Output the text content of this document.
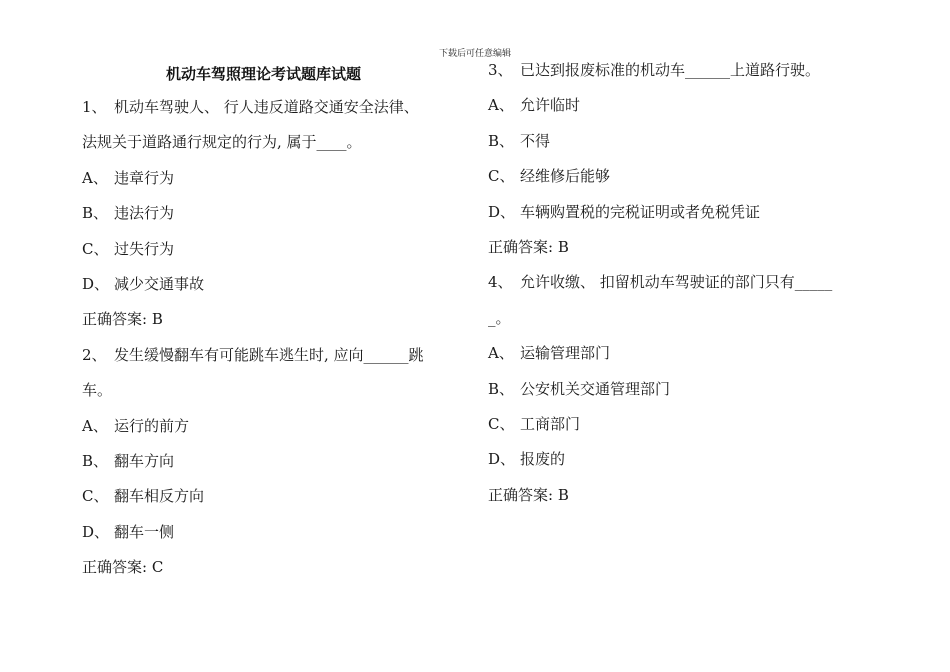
下载后可任意编辑
机动车驾照理论考试题库试题
1、 机动车驾驶人、 行人违反道路交通安全法律、
法规关于道路通行规定的行为, 属于____。
A、 违章行为
B、 违法行为
C、 过失行为
D、 减少交通事故
正确答案: B
2、 发生缓慢翻车有可能跳车逃生时, 应向______跳
车。
A、 运行的前方
B、 翻车方向
C、 翻车相反方向
D、 翻车一侧
正确答案: C
3、 已达到报废标准的机动车______上道路行驶。
A、 允许临时
B、 不得
C、 经维修后能够
D、 车辆购置税的完税证明或者免税凭证
正确答案: B
4、 允许收缴、 扣留机动车驾驶证的部门只有_____
_。
A、 运输管理部门
B、 公安机关交通管理部门
C、 工商部门
D、 报废的
正确答案: B
